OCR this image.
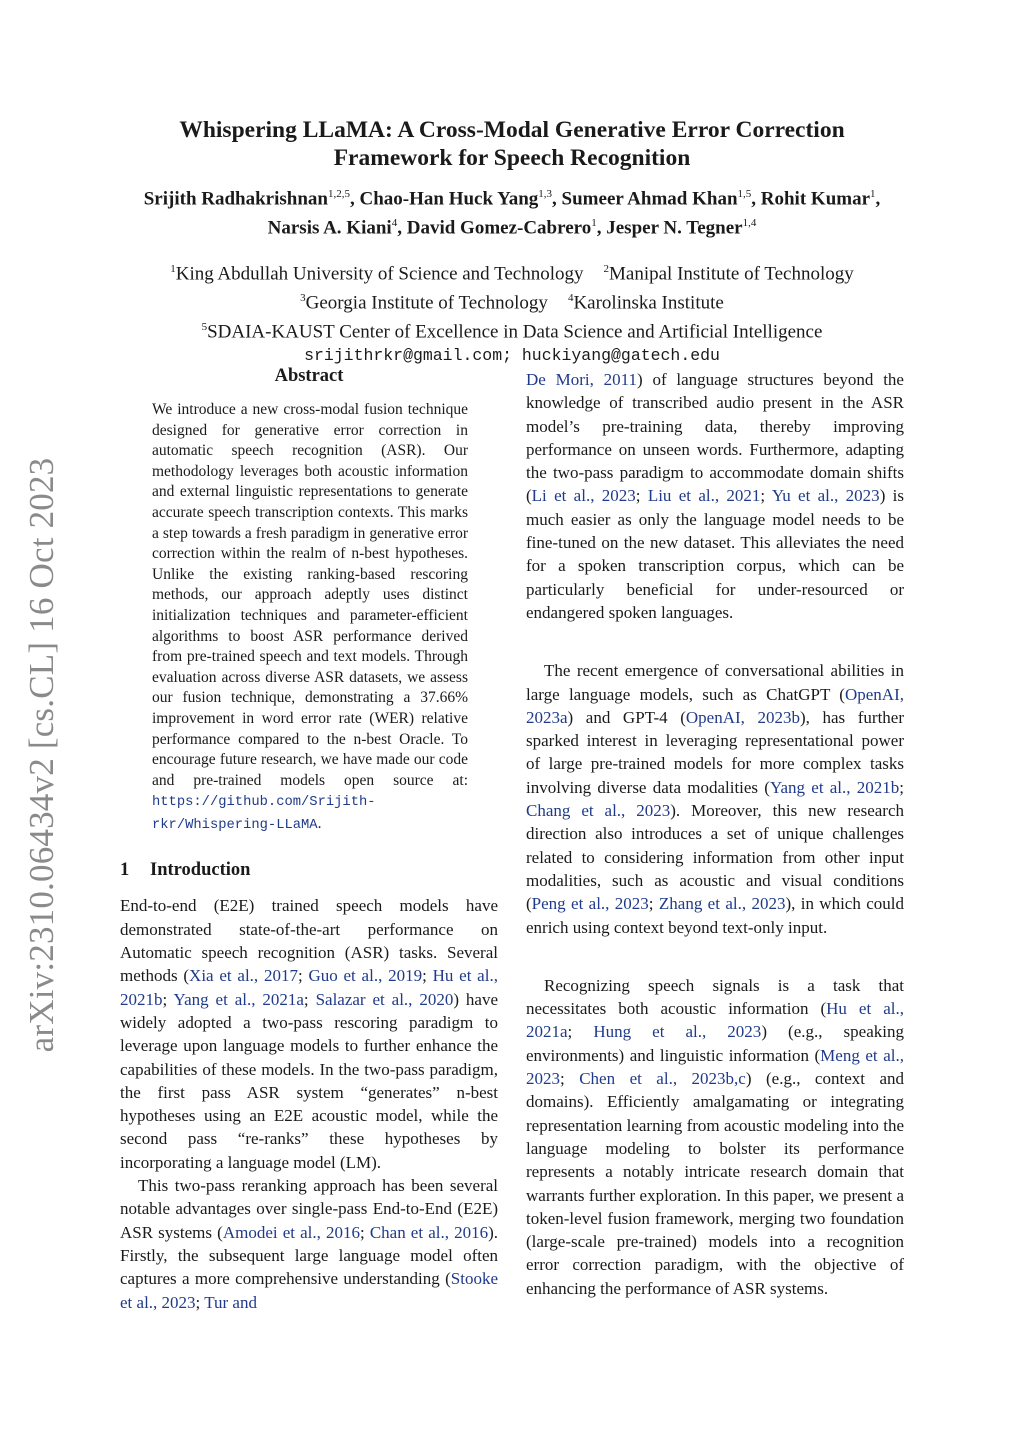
arXiv:2310.06434v2 [cs.CL] 16 Oct 2023
Whispering LLaMA: A Cross-Modal Generative Error Correction
Framework for Speech Recognition
Srijith Radhakrishnan$^{1,2,5}$, Chao-Han Huck Yang$^{1,3}$, Sumeer Ahmad Khan$^{1,5}$, Rohit Kumar$^1$, Narsis A. Kiani$^4$, David Gomez-Cabrero$^1$, Jesper N. Tegner$^{1,4}$
$^1$King Abdullah University of Science and Technology $^2$Manipal Institute of Technology
$^3$Georgia Institute of Technology $^4$Karolinska Institute
$^5$SDAIA-KAUST Center of Excellence in Data Science and Artificial Intelligence
srijithrkr@gmail.com; huckiyang@gatech.edu
Abstract

We introduce a new cross-modal fusion technique designed for generative error correction in automatic speech recognition (ASR). Our methodology leverages both acoustic information and external linguistic representations to generate accurate speech transcription contexts. This marks a step towards a fresh paradigm in generative error correction within the realm of n-best hypotheses. Unlike the existing ranking-based rescoring methods, our approach adeptly uses distinct initialization techniques and parameter-efficient algorithms to boost ASR performance derived from pre-trained speech and text models. Through evaluation across diverse ASR datasets, we assess our fusion technique, demonstrating a 37.66% improvement in word error rate (WER) relative performance compared to the n-best Oracle. To encourage future research, we have made our code and pre-trained models open source at: https://github.com/​Srijith-rkr/Whispering-LLaMA.

1 Introduction

End-to-end (E2E) trained speech models have demonstrated state-of-the-art performance on Automatic speech recognition (ASR) tasks. Several methods (Xia et al., 2017; Guo et al., 2019; Hu et al., 2021b; Yang et al., 2021a; Salazar et al., 2020) have widely adopted a two-pass rescoring paradigm to leverage upon language models to further enhance the capabilities of these models. In the two-pass paradigm, the first pass ASR system “generates” n-best hypotheses using an E2E acoustic model, while the second pass “re-ranks” these hypotheses by incorporating a language model (LM).

This two-pass reranking approach has been several notable advantages over single-pass End-to-End (E2E) ASR systems (Amodei et al., 2016; Chan et al., 2016). Firstly, the subsequent large language model often captures a more comprehensive understanding (Stooke et al., 2023; Tur and

De Mori, 2011) of language structures beyond the knowledge of transcribed audio present in the ASR model’s pre-training data, thereby improving performance on unseen words. Furthermore, adapting the two-pass paradigm to accommodate domain shifts (Li et al., 2023; Liu et al., 2021; Yu et al., 2023) is much easier as only the language model needs to be fine-tuned on the new dataset. This alleviates the need for a spoken transcription corpus, which can be particularly beneficial for under-resourced or endangered spoken languages.

The recent emergence of conversational abilities in large language models, such as ChatGPT (OpenAI, 2023a) and GPT-4 (OpenAI, 2023b), has further sparked interest in leveraging representational power of large pre-trained models for more complex tasks involving diverse data modalities (Yang et al., 2021b; Chang et al., 2023). Moreover, this new research direction also introduces a set of unique challenges related to considering information from other input modalities, such as acoustic and visual conditions (Peng et al., 2023; Zhang et al., 2023), in which could enrich using context beyond text-only input.

Recognizing speech signals is a task that necessitates both acoustic information (Hu et al., 2021a; Hung et al., 2023) (e.g., speaking environments) and linguistic information (Meng et al., 2023; Chen et al., 2023b,c) (e.g., context and domains). Efficiently amalgamating or integrating representation learning from acoustic modeling into the language modeling to bolster its performance represents a notably intricate research domain that warrants further exploration. In this paper, we present a token-level fusion framework, merging two foundation (large-scale pre-trained) models into a recognition error correction paradigm, with the objective of enhancing the performance of ASR systems.
